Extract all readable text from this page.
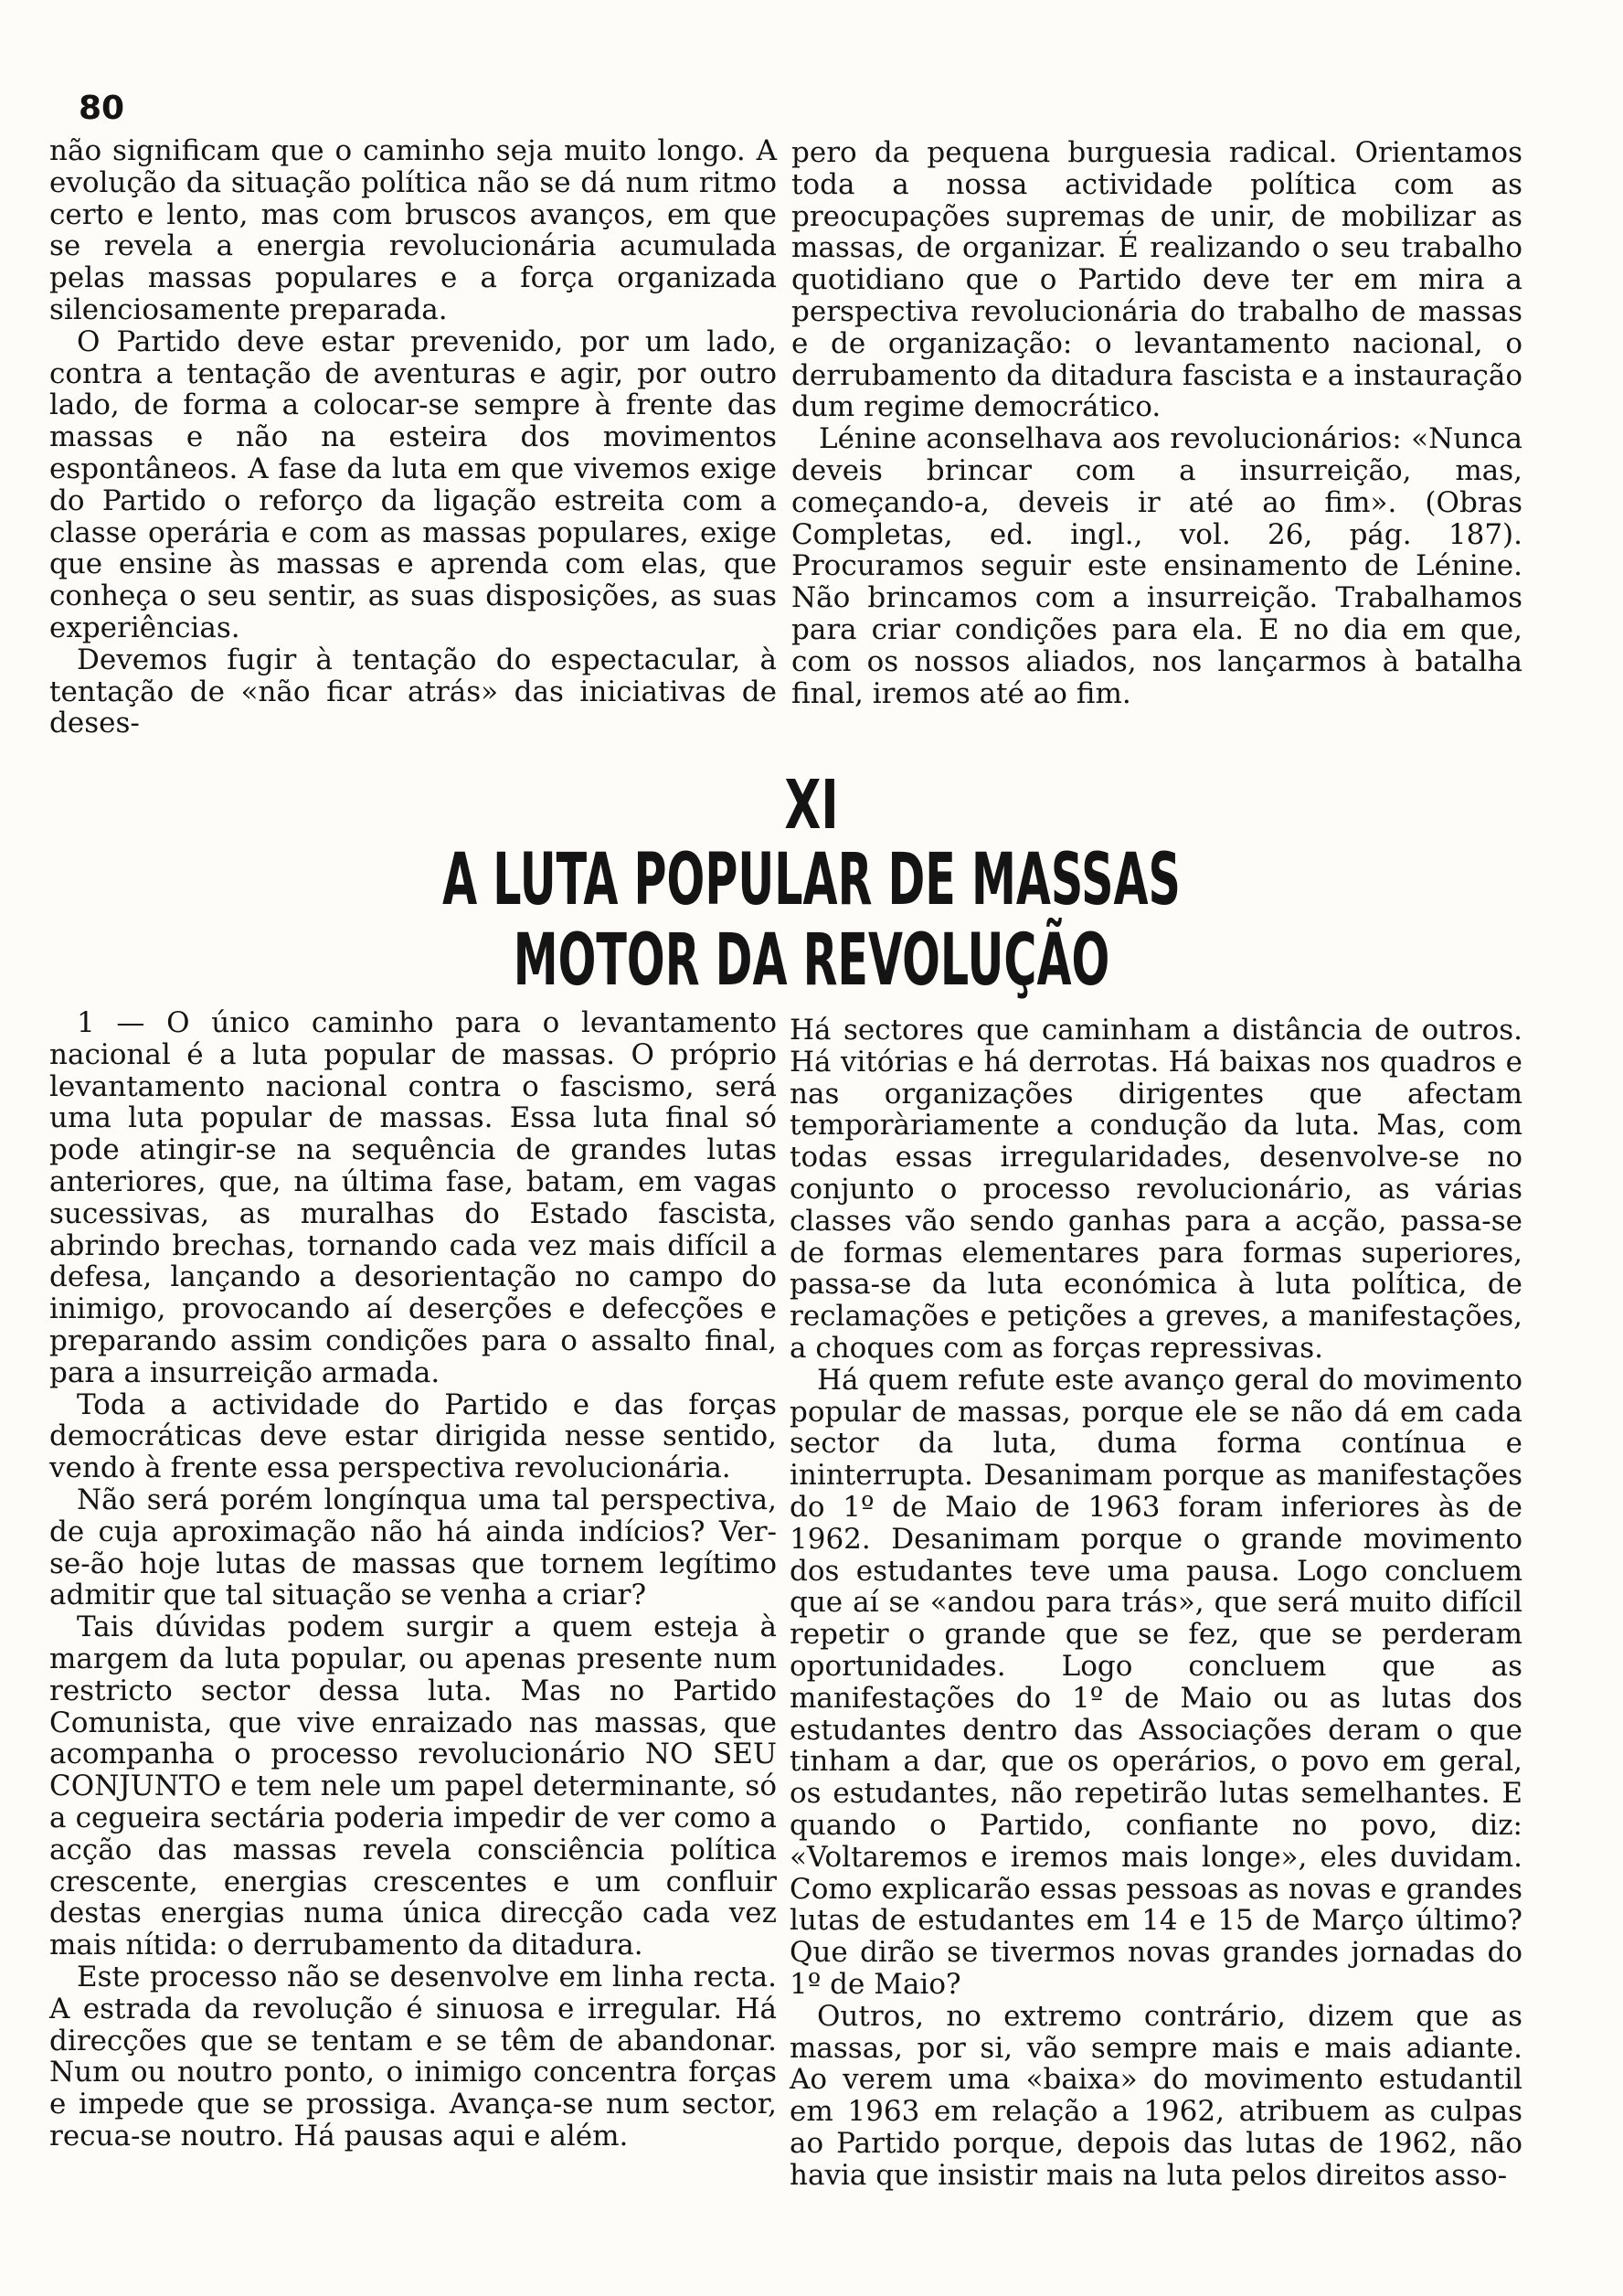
80

não significam que o caminho seja muito longo. A evolução da situação política não se dá num ritmo certo e lento, mas com bruscos avanços, em que se revela a energia revolucionária acumulada pelas massas populares e a força organizada silenciosamente preparada.

O Partido deve estar prevenido, por um lado, contra a tentação de aventuras e agir, por outro lado, de forma a colocar-se sempre à frente das massas e não na esteira dos movimentos espontâneos. A fase da luta em que vivemos exige do Partido o reforço da ligação estreita com a classe operária e com as massas populares, exige que ensine às massas e aprenda com elas, que conheça o seu sentir, as suas disposições, as suas experiências.

Devemos fugir à tentação do espectacular, à tentação de «não ficar atrás» das iniciativas de deses-

pero da pequena burguesia radical. Orientamos toda a nossa actividade política com as preocupações supremas de unir, de mobilizar as massas, de organizar. É realizando o seu trabalho quotidiano que o Partido deve ter em mira a perspectiva revolucionária do trabalho de massas e de organização: o levantamento nacional, o derrubamento da ditadura fascista e a instauração dum regime democrático.

Lénine aconselhava aos revolucionários: «Nunca deveis brincar com a insurreição, mas, começando-a, deveis ir até ao fim». (Obras Completas, ed. ingl., vol. 26, pág. 187). Procuramos seguir este ensinamento de Lénine. Não brincamos com a insurreição. Trabalhamos para criar condições para ela. E no dia em que, com os nossos aliados, nos lançarmos à batalha final, iremos até ao fim.

XI
A LUTA POPULAR DE MASSAS
MOTOR DA REVOLUÇÃO

1 — O único caminho para o levantamento nacional é a luta popular de massas. O próprio levantamento nacional contra o fascismo, será uma luta popular de massas. Essa luta final só pode atingir-se na sequência de grandes lutas anteriores, que, na última fase, batam, em vagas sucessivas, as muralhas do Estado fascista, abrindo brechas, tornando cada vez mais difícil a defesa, lançando a desorientação no campo do inimigo, provocando aí deserções e defecções e preparando assim condições para o assalto final, para a insurreição armada.

Toda a actividade do Partido e das forças democráticas deve estar dirigida nesse sentido, vendo à frente essa perspectiva revolucionária.

Não será porém longínqua uma tal perspectiva, de cuja aproximação não há ainda indícios? Ver-se-ão hoje lutas de massas que tornem legítimo admitir que tal situação se venha a criar?

Tais dúvidas podem surgir a quem esteja à margem da luta popular, ou apenas presente num restricto sector dessa luta. Mas no Partido Comunista, que vive enraizado nas massas, que acompanha o processo revolucionário NO SEU CONJUNTO e tem nele um papel determinante, só a cegueira sectária poderia impedir de ver como a acção das massas revela consciência política crescente, energias crescentes e um confluir destas energias numa única direcção cada vez mais nítida: o derrubamento da ditadura.

Este processo não se desenvolve em linha recta. A estrada da revolução é sinuosa e irregular. Há direcções que se tentam e se têm de abandonar. Num ou noutro ponto, o inimigo concentra forças e impede que se prossiga. Avança-se num sector, recua-se noutro. Há pausas aqui e além.

Há sectores que caminham a distância de outros. Há vitórias e há derrotas. Há baixas nos quadros e nas organizações dirigentes que afectam temporàriamente a condução da luta. Mas, com todas essas irregularidades, desenvolve-se no conjunto o processo revolucionário, as várias classes vão sendo ganhas para a acção, passa-se de formas elementares para formas superiores, passa-se da luta económica à luta política, de reclamações e petições a greves, a manifestações, a choques com as forças repressivas.

Há quem refute este avanço geral do movimento popular de massas, porque ele se não dá em cada sector da luta, duma forma contínua e ininterrupta. Desanimam porque as manifestações do 1º de Maio de 1963 foram inferiores às de 1962. Desanimam porque o grande movimento dos estudantes teve uma pausa. Logo concluem que aí se «andou para trás», que será muito difícil repetir o grande que se fez, que se perderam oportunidades. Logo concluem que as manifestações do 1º de Maio ou as lutas dos estudantes dentro das Associações deram o que tinham a dar, que os operários, o povo em geral, os estudantes, não repetirão lutas semelhantes. E quando o Partido, confiante no povo, diz: «Voltaremos e iremos mais longe», eles duvidam. Como explicarão essas pessoas as novas e grandes lutas de estudantes em 14 e 15 de Março último? Que dirão se tivermos novas grandes jornadas do 1º de Maio?

Outros, no extremo contrário, dizem que as massas, por si, vão sempre mais e mais adiante. Ao verem uma «baixa» do movimento estudantil em 1963 em relação a 1962, atribuem as culpas ao Partido porque, depois das lutas de 1962, não havia que insistir mais na luta pelos direitos asso-
